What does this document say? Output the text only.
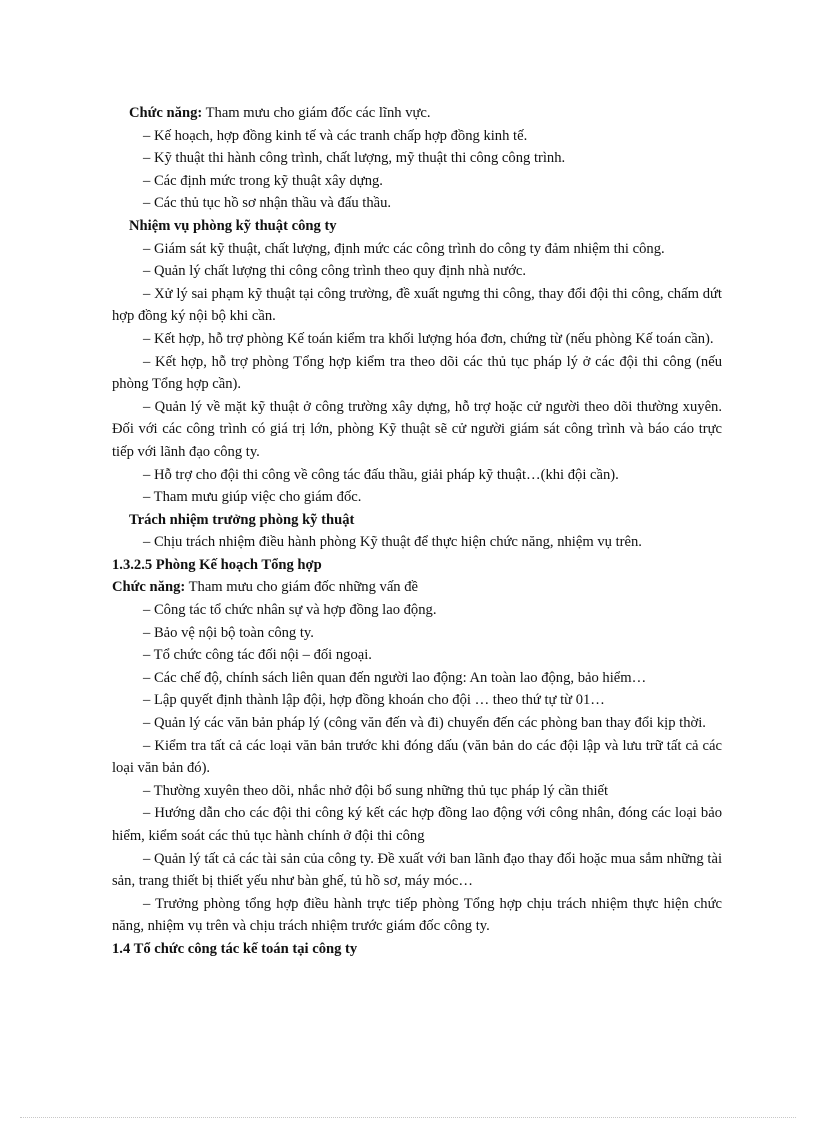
Chức năng: Tham mưu cho giám đốc các lĩnh vực.

– Kế hoạch, hợp đồng kinh tế và các tranh chấp hợp đồng kinh tế.

– Kỹ thuật thi hành công trình, chất lượng, mỹ thuật thi công công trình.

– Các định mức trong kỹ thuật xây dựng.

– Các thủ tục hồ sơ nhận thầu và đấu thầu.

Nhiệm vụ phòng kỹ thuật công ty

– Giám sát kỹ thuật, chất lượng, định mức các công trình do công ty đảm nhiệm thi công.

– Quản lý chất lượng thi công công trình theo quy định nhà nước.

– Xử lý sai phạm kỹ thuật tại công trường, đề xuất ngưng thi công, thay đổi đội thi công, chấm dứt hợp đồng ký nội bộ khi cần.

– Kết hợp, hỗ trợ phòng Kế toán kiểm tra khối lượng hóa đơn, chứng từ (nếu phòng Kế toán cần).

– Kết hợp, hỗ trợ phòng Tổng hợp kiểm tra theo dõi các thủ tục pháp lý ở các đội thi công (nếu phòng Tổng hợp cần).

– Quản lý về mặt kỹ thuật ở công trường xây dựng, hỗ trợ hoặc cử người theo dõi thường xuyên. Đối với các công trình có giá trị lớn, phòng Kỹ thuật sẽ cử người giám sát công trình và báo cáo trực tiếp với lãnh đạo công ty.

– Hỗ trợ cho đội thi công về công tác đấu thầu, giải pháp kỹ thuật…(khi đội cần).

– Tham mưu giúp việc cho giám đốc.

Trách nhiệm trưởng phòng kỹ thuật

– Chịu trách nhiệm điều hành phòng Kỹ thuật để thực hiện chức năng, nhiệm vụ trên.

1.3.2.5 Phòng Kế hoạch Tổng hợp

Chức năng: Tham mưu cho giám đốc những vấn đề

– Công tác tổ chức nhân sự và hợp đồng lao động.

– Bảo vệ nội bộ toàn công ty.

– Tổ chức công tác đối nội – đối ngoại.

– Các chế độ, chính sách liên quan đến người lao động: An toàn lao động, bảo hiểm…

– Lập quyết định thành lập đội, hợp đồng khoán cho đội … theo thứ tự từ 01…

– Quản lý các văn bản pháp lý (công văn đến và đi) chuyển đến các phòng ban thay đổi kịp thời.

– Kiểm tra tất cả các loại văn bản trước khi đóng dấu (văn bản do các đội lập và lưu trữ tất cả các loại văn bản đó).

– Thường xuyên theo dõi, nhắc nhở đội bổ sung những thủ tục pháp lý cần thiết

– Hướng dẫn cho các đội thi công ký kết các hợp đồng lao động với công nhân, đóng các loại bảo hiểm, kiểm soát các thủ tục hành chính ở đội thi công

– Quản lý tất cả các tài sản của công ty. Đề xuất với ban lãnh đạo thay đổi hoặc mua sắm những tài sản, trang thiết bị thiết yếu như bàn ghế, tủ hồ sơ, máy móc…

– Trưởng phòng tổng hợp điều hành trực tiếp phòng Tổng hợp chịu trách nhiệm thực hiện chức năng, nhiệm vụ trên và chịu trách nhiệm trước giám đốc công ty.

1.4 Tổ chức công tác kế toán tại công ty
